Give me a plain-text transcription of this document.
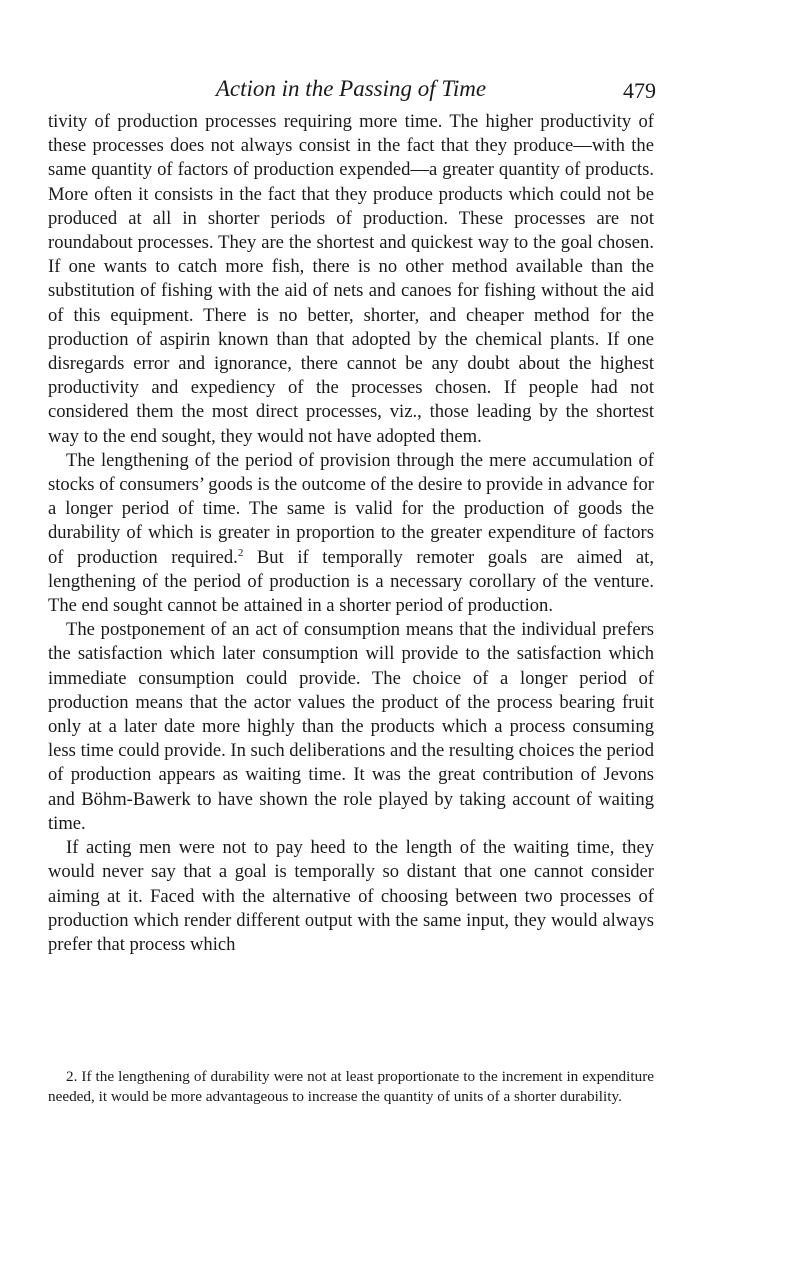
Action in the Passing of Time	479

tivity of production processes requiring more time. The higher productivity of these processes does not always consist in the fact that they produce—with the same quantity of factors of production expended—a greater quantity of products. More often it consists in the fact that they produce products which could not be produced at all in shorter periods of production. These processes are not roundabout processes. They are the shortest and quickest way to the goal chosen. If one wants to catch more fish, there is no other method available than the substitution of fishing with the aid of nets and canoes for fishing without the aid of this equipment. There is no better, shorter, and cheaper method for the production of aspirin known than that adopted by the chemical plants. If one disregards error and ignorance, there cannot be any doubt about the highest productivity and expediency of the processes chosen. If people had not considered them the most direct processes, viz., those leading by the shortest way to the end sought, they would not have adopted them.

The lengthening of the period of provision through the mere accumulation of stocks of consumers’ goods is the outcome of the desire to provide in advance for a longer period of time. The same is valid for the production of goods the durability of which is greater in proportion to the greater expenditure of factors of production required.$^2$ But if temporally remoter goals are aimed at, lengthening of the period of production is a necessary corollary of the venture. The end sought cannot be attained in a shorter period of production.

The postponement of an act of consumption means that the individual prefers the satisfaction which later consumption will provide to the satisfaction which immediate consumption could provide. The choice of a longer period of production means that the actor values the product of the process bearing fruit only at a later date more highly than the products which a process consuming less time could provide. In such deliberations and the resulting choices the period of production appears as waiting time. It was the great contribution of Jevons and Böhm-Bawerk to have shown the role played by taking account of waiting time.

If acting men were not to pay heed to the length of the waiting time, they would never say that a goal is temporally so distant that one cannot consider aiming at it. Faced with the alternative of choosing between two processes of production which render different output with the same input, they would always prefer that process which

2. If the lengthening of durability were not at least proportionate to the increment in expenditure needed, it would be more advantageous to increase the quantity of units of a shorter durability.
